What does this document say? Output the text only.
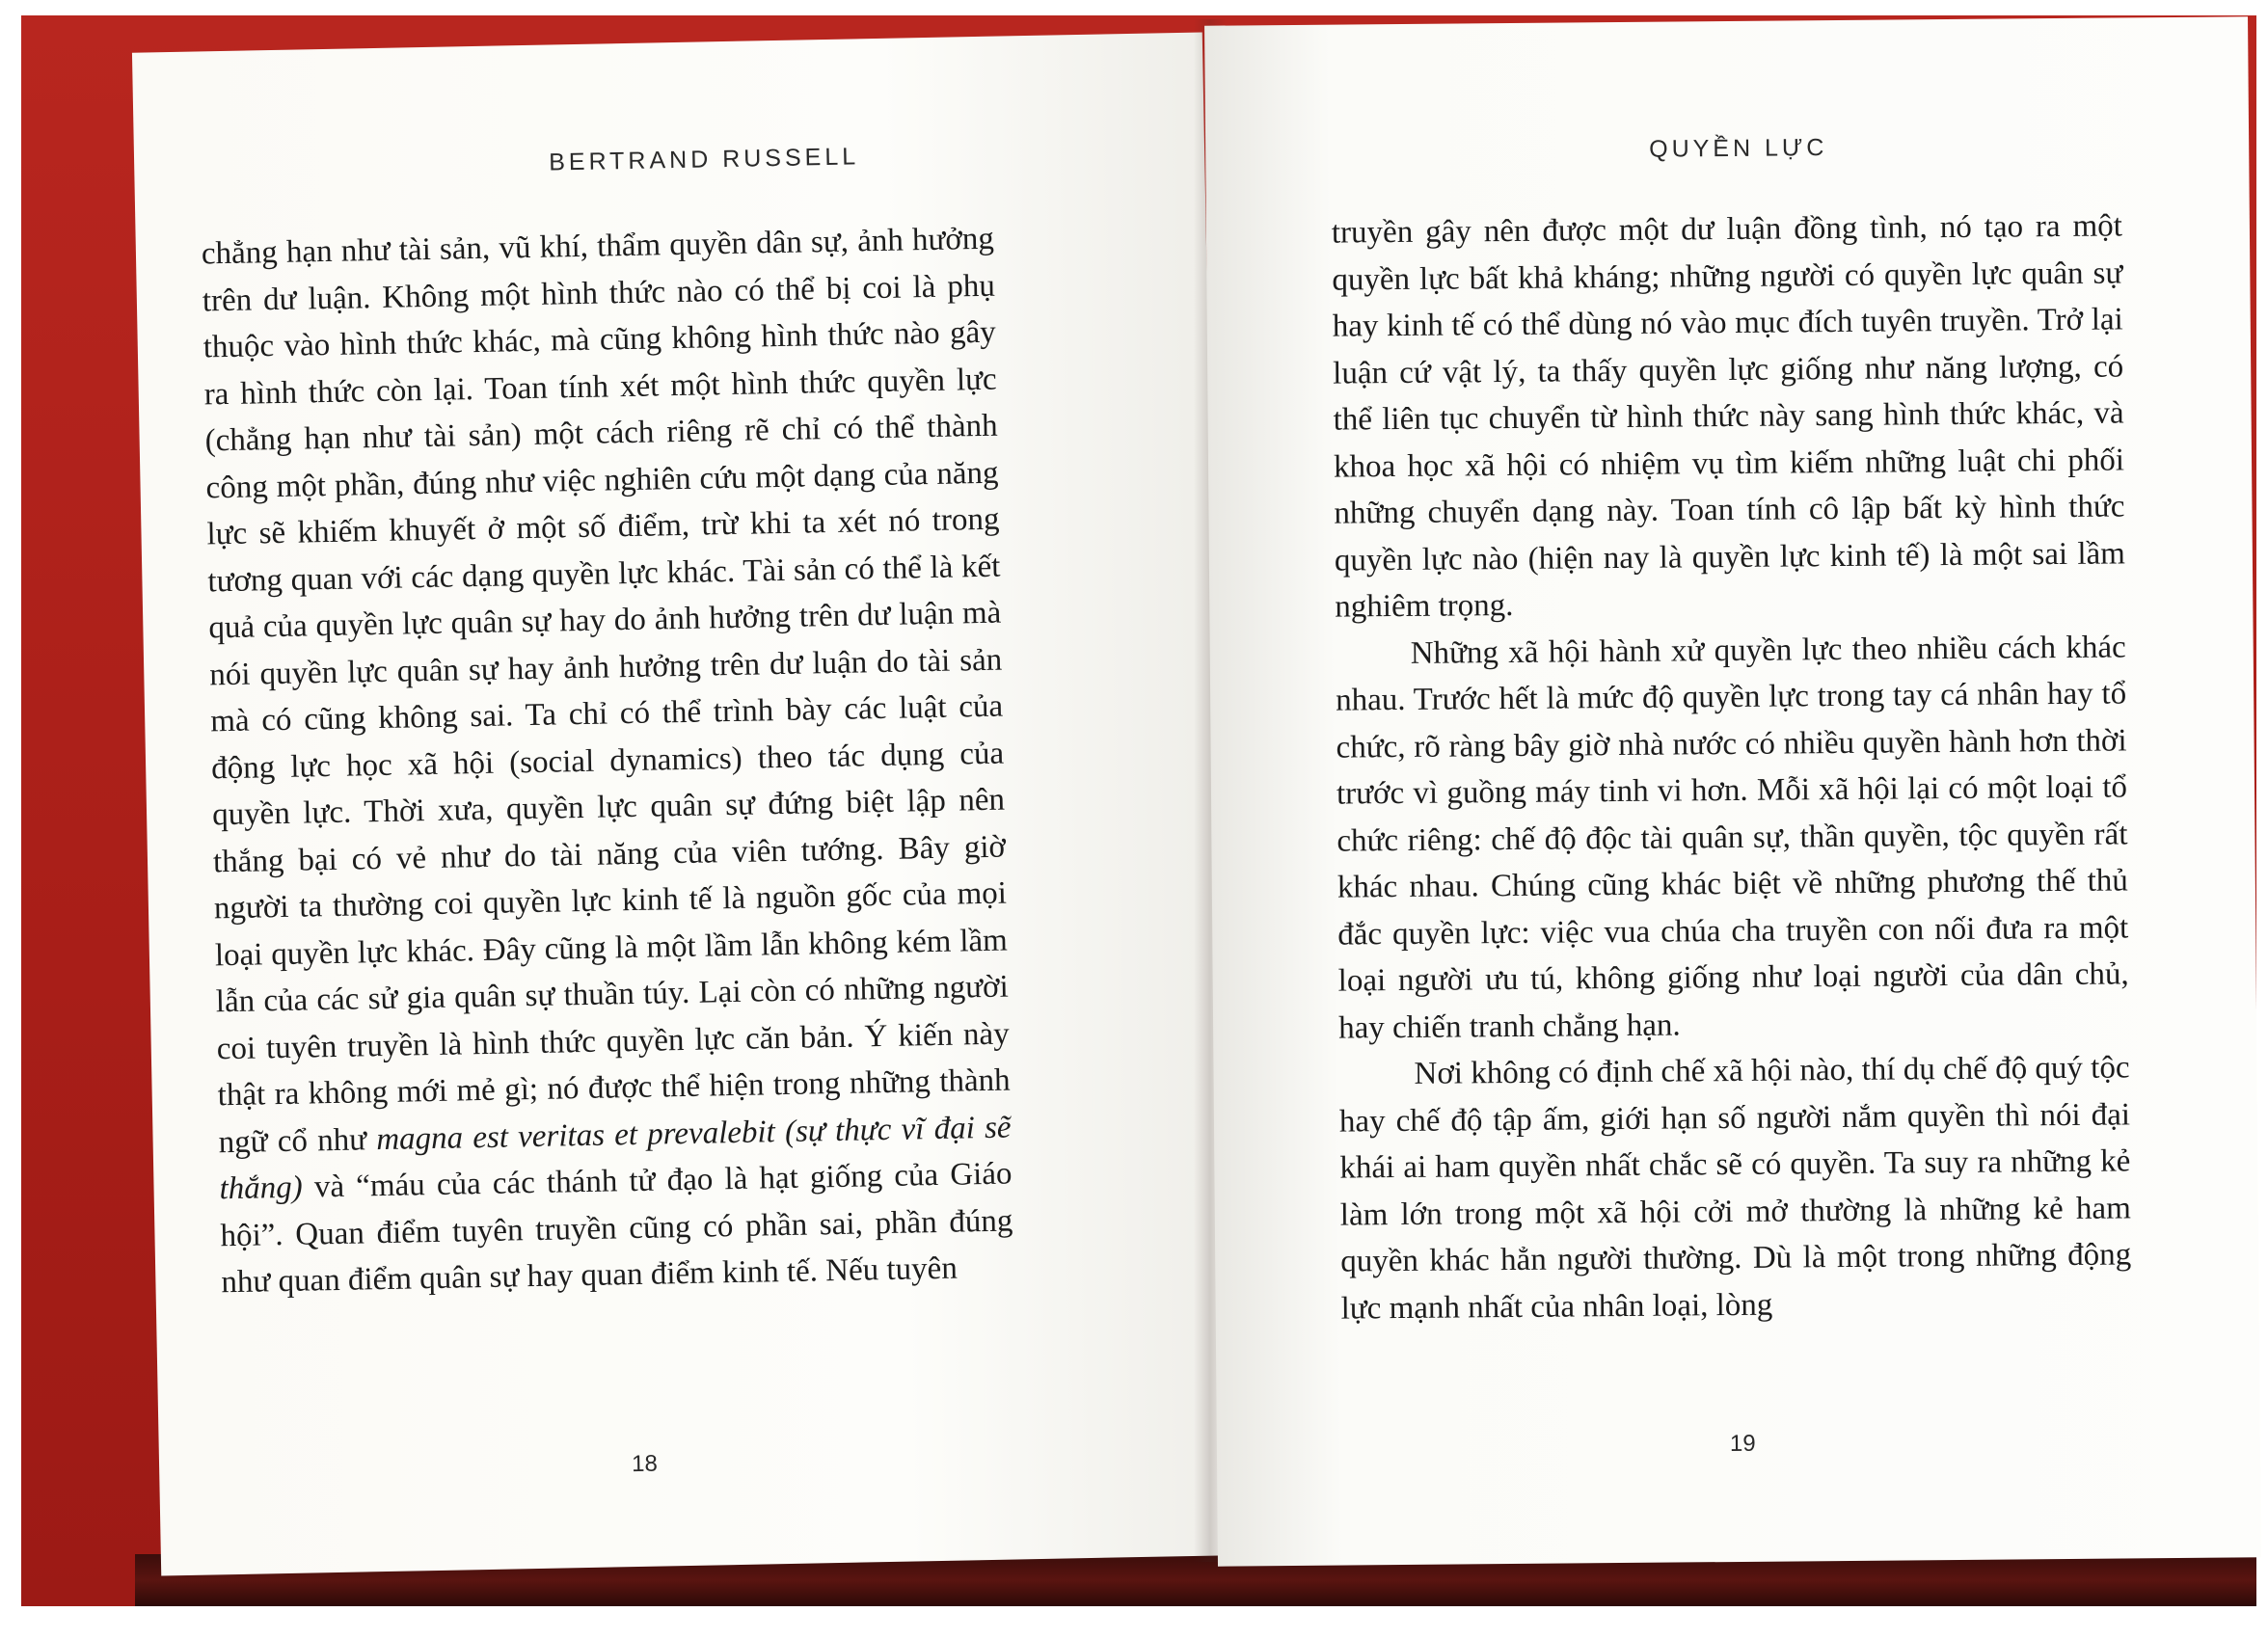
BERTRAND RUSSELL

chẳng hạn như tài sản, vũ khí, thẩm quyền dân sự, ảnh hưởng trên dư luận. Không một hình thức nào có thể bị coi là phụ thuộc vào hình thức khác, mà cũng không hình thức nào gây ra hình thức còn lại. Toan tính xét một hình thức quyền lực (chẳng hạn như tài sản) một cách riêng rẽ chỉ có thể thành công một phần, đúng như việc nghiên cứu một dạng của năng lực sẽ khiếm khuyết ở một số điểm, trừ khi ta xét nó trong tương quan với các dạng quyền lực khác. Tài sản có thể là kết quả của quyền lực quân sự hay do ảnh hưởng trên dư luận mà nói quyền lực quân sự hay ảnh hưởng trên dư luận do tài sản mà có cũng không sai. Ta chỉ có thể trình bày các luật của động lực học xã hội (social dynamics) theo tác dụng của quyền lực. Thời xưa, quyền lực quân sự đứng biệt lập nên thắng bại có vẻ như do tài năng của viên tướng. Bây giờ người ta thường coi quyền lực kinh tế là nguồn gốc của mọi loại quyền lực khác. Đây cũng là một lầm lẫn không kém lầm lẫn của các sử gia quân sự thuần túy. Lại còn có những người coi tuyên truyền là hình thức quyền lực căn bản. Ý kiến này thật ra không mới mẻ gì; nó được thể hiện trong những thành ngữ cổ như magna est veritas et prevalebit (sự thực vĩ đại sẽ thắng) và “máu của các thánh tử đạo là hạt giống của Giáo hội”. Quan điểm tuyên truyền cũng có phần sai, phần đúng như quan điểm quân sự hay quan điểm kinh tế. Nếu tuyên

18
QUYỀN LỰC

truyền gây nên được một dư luận đồng tình, nó tạo ra một quyền lực bất khả kháng; những người có quyền lực quân sự hay kinh tế có thể dùng nó vào mục đích tuyên truyền. Trở lại luận cứ vật lý, ta thấy quyền lực giống như năng lượng, có thể liên tục chuyển từ hình thức này sang hình thức khác, và khoa học xã hội có nhiệm vụ tìm kiếm những luật chi phối những chuyển dạng này. Toan tính cô lập bất kỳ hình thức quyền lực nào (hiện nay là quyền lực kinh tế) là một sai lầm nghiêm trọng.

Những xã hội hành xử quyền lực theo nhiều cách khác nhau. Trước hết là mức độ quyền lực trong tay cá nhân hay tổ chức, rõ ràng bây giờ nhà nước có nhiều quyền hành hơn thời trước vì guồng máy tinh vi hơn. Mỗi xã hội lại có một loại tổ chức riêng: chế độ độc tài quân sự, thần quyền, tộc quyền rất khác nhau. Chúng cũng khác biệt về những phương thế thủ đắc quyền lực: việc vua chúa cha truyền con nối đưa ra một loại người ưu tú, không giống như loại người của dân chủ, hay chiến tranh chẳng hạn.

Nơi không có định chế xã hội nào, thí dụ chế độ quý tộc hay chế độ tập ấm, giới hạn số người nắm quyền thì nói đại khái ai ham quyền nhất chắc sẽ có quyền. Ta suy ra những kẻ làm lớn trong một xã hội cởi mở thường là những kẻ ham quyền khác hẳn người thường. Dù là một trong những động lực mạnh nhất của nhân loại, lòng

19
